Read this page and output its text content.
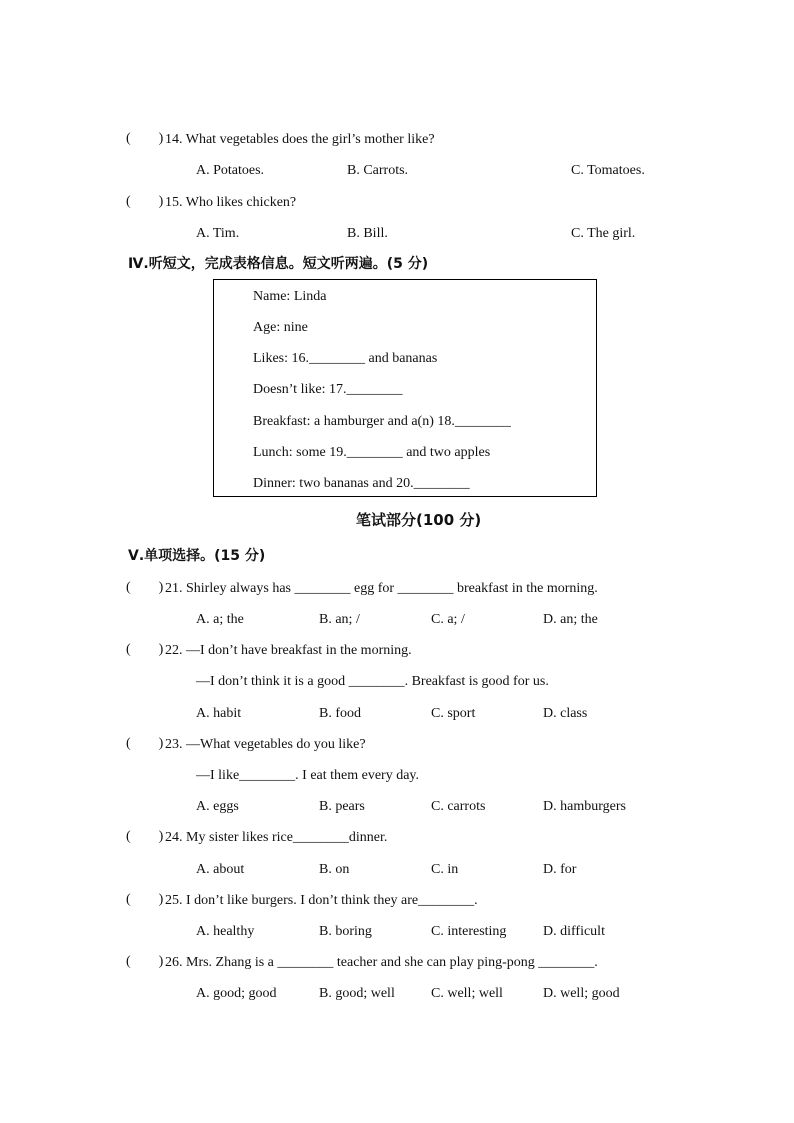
(        ) 14. What vegetables does the girl’s mother like?
A. Potatoes.	B. Carrots.	C. Tomatoes.
(        ) 15. Who likes chicken?
A. Tim.	B. Bill.	C. The girl.
Ⅳ.听短文，完成表格信息。短文听两遍。(5 分)
Name: Linda
Age: nine
Likes: 16.________ and bananas
Doesn’t like: 17.________
Breakfast: a hamburger and a(n) 18.________
Lunch: some 19.________ and two apples
Dinner: two bananas and 20.________
笔试部分(100 分)
Ⅴ.单项选择。(15 分)
(        ) 21. Shirley always has ________ egg for ________ breakfast in the morning.
A. a; the	B. an; /	C. a; /	D. an; the
(        ) 22. —I don’t have breakfast in the morning.
—I don’t think it is a good ________. Breakfast is good for us.
A. habit	B. food	C. sport	D. class
(        ) 23. —What vegetables do you like?
—I like________. I eat them every day.
A. eggs	B. pears	C. carrots	D. hamburgers
(        ) 24. My sister likes rice________dinner.
A. about	B. on	C. in	D. for
(        ) 25. I don’t like burgers. I don’t think they are________.
A. healthy	B. boring	C. interesting	D. difficult
(        ) 26. Mrs. Zhang is a ________ teacher and she can play ping-pong ________.
A. good; good	B. good; well	C. well; well	D. well; good
